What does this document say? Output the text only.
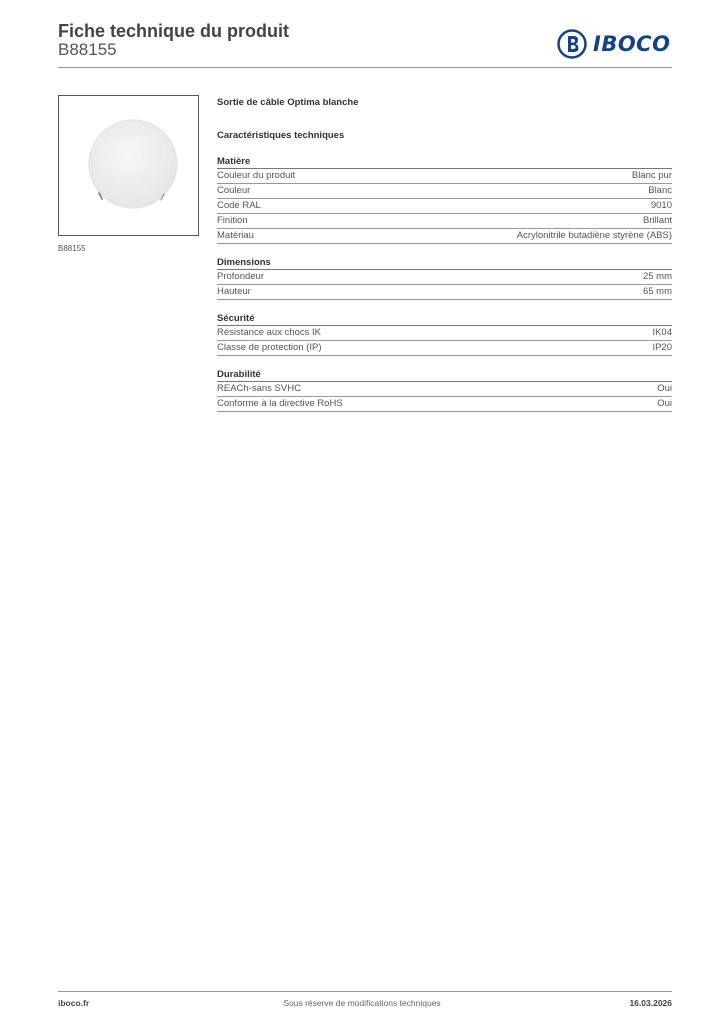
Fiche technique du produit
B88155	IBOCO
B88155
Sortie de câble Optima blanche
Caractéristiques techniques
Matière
Couleur du produit	Blanc pur
Couleur	Blanc
Code RAL	9010
Finition	Brillant
Matériau	Acrylonitrile butadiène styrène (ABS)
Dimensions
Profondeur	25 mm
Hauteur	65 mm
Sécurité
Résistance aux chocs IK	IK04
Classe de protection (IP)	IP20
Durabilité
REACh-sans SVHC	Oui
Conforme à la directive RoHS	Oui
iboco.fr	Sous réserve de modifications techniques	16.03.2026
